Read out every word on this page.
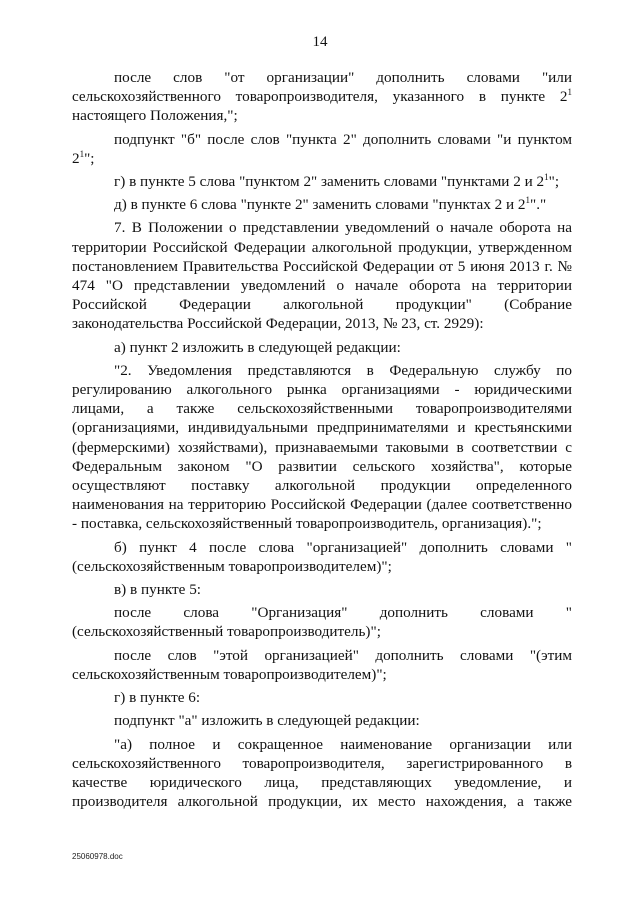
14

после слов "от организации" дополнить словами "или сельскохозяйственного товаропроизводителя, указанного в пункте $2^1$ настоящего Положения,";

подпункт "б" после слов "пункта 2" дополнить словами "и пунктом $2^1$";

г) в пункте 5 слова "пунктом 2" заменить словами "пунктами 2 и $2^1$";

д) в пункте 6 слова "пункте 2" заменить словами "пунктах 2 и $2^1$"."

7. В Положении о представлении уведомлений о начале оборота на территории Российской Федерации алкогольной продукции, утвержденном постановлением Правительства Российской Федерации от 5 июня 2013 г. № 474 "О представлении уведомлений о начале оборота на территории Российской Федерации алкогольной продукции" (Собрание законодательства Российской Федерации, 2013, № 23, ст. 2929):

а) пункт 2 изложить в следующей редакции:

"2. Уведомления представляются в Федеральную службу по регулированию алкогольного рынка организациями - юридическими лицами, а также сельскохозяйственными товаропроизводителями (организациями, индивидуальными предпринимателями и крестьянскими (фермерскими) хозяйствами), признаваемыми таковыми в соответствии с Федеральным законом "О развитии сельского хозяйства", которые осуществляют поставку алкогольной продукции определенного наименования на территорию Российской Федерации (далее соответственно - поставка, сельскохозяйственный товаропроизводитель, организация).";

б) пункт 4 после слова "организацией" дополнить словами "(сельскохозяйственным товаропроизводителем)";

в) в пункте 5:

после слова "Организация" дополнить словами "(сельскохозяйственный товаропроизводитель)";

после слов "этой организацией" дополнить словами "(этим сельскохозяйственным товаропроизводителем)";

г) в пункте 6:

подпункт "а" изложить в следующей редакции:

"а) полное и сокращенное наименование организации или сельскохозяйственного товаропроизводителя, зарегистрированного в качестве юридического лица, представляющих уведомление, и производителя алкогольной продукции, их место нахождения, а также

25060978.doc
